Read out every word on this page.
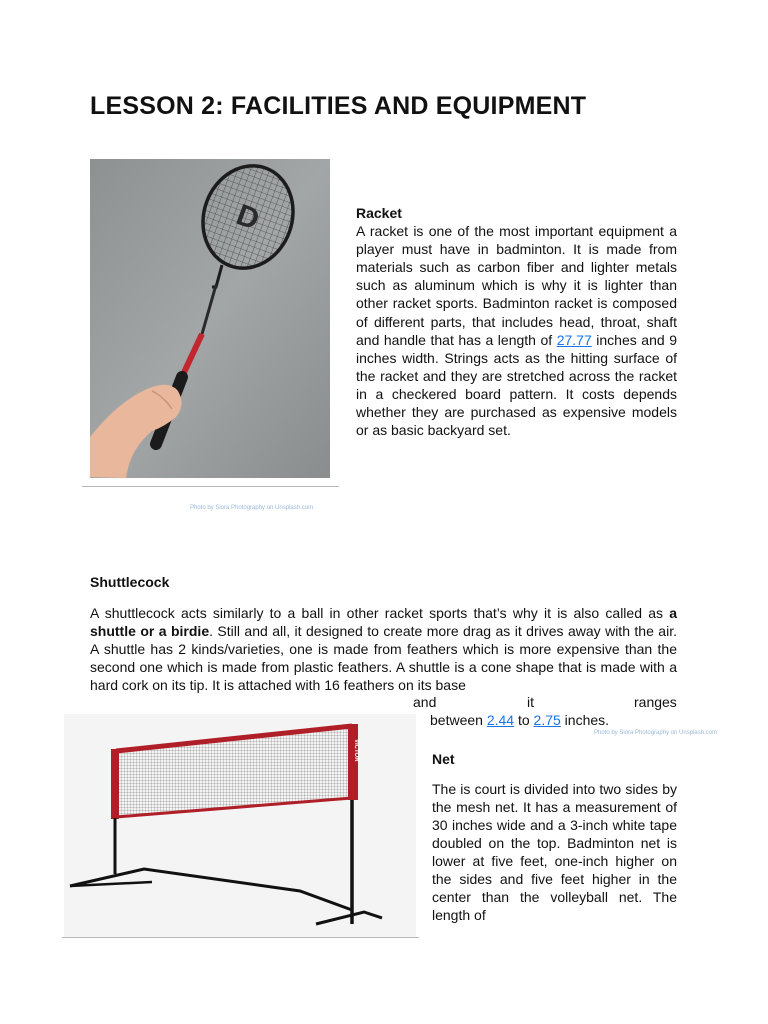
LESSON 2: FACILITIES AND EQUIPMENT
D
Photo by Siora Photography on Unsplash.com

Racket
A racket is one of the most important equipment a player must have in badminton. It is made from materials such as carbon fiber and lighter metals such as aluminum which is why it is lighter than other racket sports. Badminton racket is composed of different parts, that includes head, throat, shaft and handle that has a length of 27.77 inches and 9 inches width. Strings acts as the hitting surface of the racket and they are stretched across the racket in a checkered board pattern. It costs depends whether they are purchased as expensive models or as basic backyard set.

Shuttlecock

A shuttlecock acts similarly to a ball in other racket sports that’s why it is also called as a shuttle or a birdie. Still and all, it designed to create more drag as it drives away with the air. A shuttle has 2 kinds/varieties, one is made from feathers which is more expensive than the second one which is made from plastic feathers. A shuttle is a cone shape that is made with a hard cork on its tip. It is attached with 16 feathers on its base

and	it	ranges
between 2.44 to 2.75 inches.
Photo by Siora Photography on Unsplash.com
VICTOR	Net

The is court is divided into two sides by the mesh net. It has a measurement of 30 inches wide and a 3-inch white tape doubled on the top. Badminton net is lower at five feet, one-inch higher on the sides and five feet higher in the center than the volleyball net. The length of
